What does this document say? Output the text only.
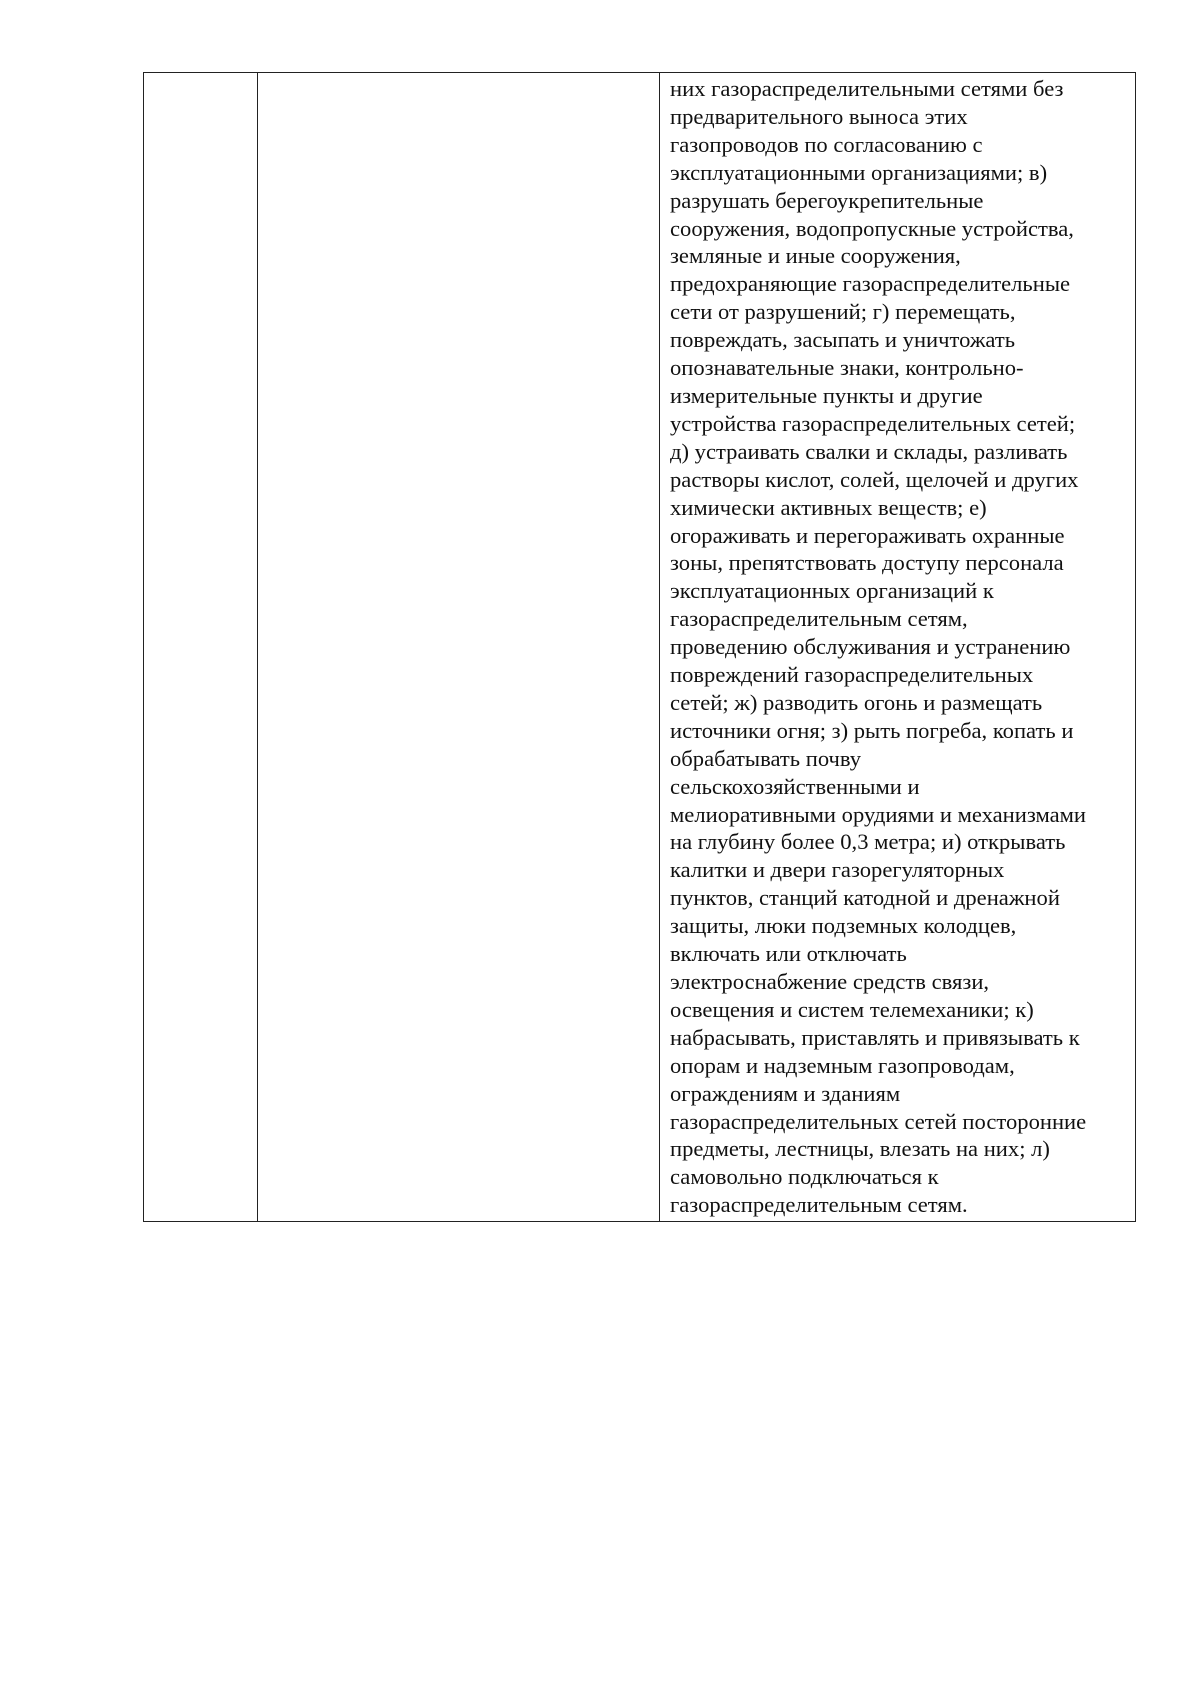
них газораспределительными сетями без
предварительного выноса этих
газопроводов по согласованию с
эксплуатационными организациями; в)
разрушать берегоукрепительные
сооружения, водопропускные устройства,
земляные и иные сооружения,
предохраняющие газораспределительные
сети от разрушений; г) перемещать,
повреждать, засыпать и уничтожать
опознавательные знаки, контрольно-
измерительные пункты и другие
устройства газораспределительных сетей;
д) устраивать свалки и склады, разливать
растворы кислот, солей, щелочей и других
химически активных веществ; е)
огораживать и перегораживать охранные
зоны, препятствовать доступу персонала
эксплуатационных организаций к
газораспределительным сетям,
проведению обслуживания и устранению
повреждений газораспределительных
сетей; ж) разводить огонь и размещать
источники огня; з) рыть погреба, копать и
обрабатывать почву
сельскохозяйственными и
мелиоративными орудиями и механизмами
на глубину более 0,3 метра; и) открывать
калитки и двери газорегуляторных
пунктов, станций катодной и дренажной
защиты, люки подземных колодцев,
включать или отключать
электроснабжение средств связи,
освещения и систем телемеханики; к)
набрасывать, приставлять и привязывать к
опорам и надземным газопроводам,
ограждениям и зданиям
газораспределительных сетей посторонние
предметы, лестницы, влезать на них; л)
самовольно подключаться к
газораспределительным сетям.
